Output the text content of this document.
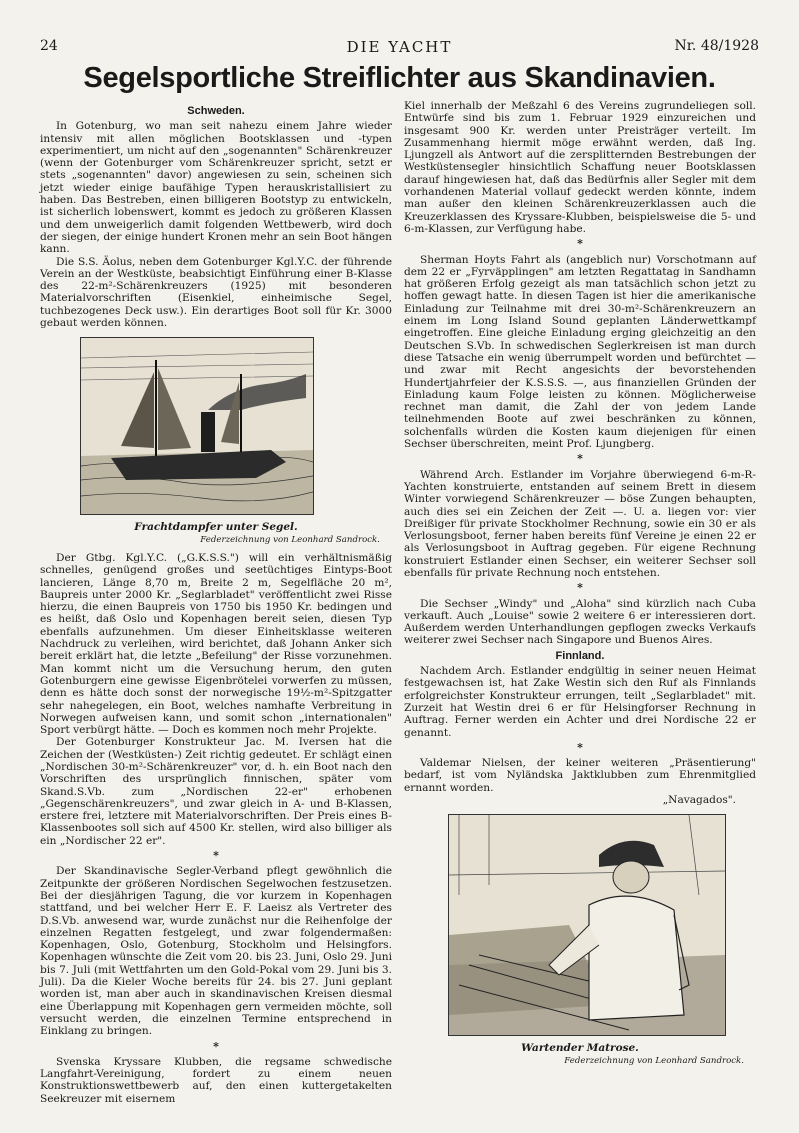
24	DIE YACHT	Nr. 48/1928
Segelsportliche Streiflichter aus Skandinavien.
Schweden.

In Gotenburg, wo man seit nahezu einem Jahre wieder intensiv mit allen möglichen Bootsklassen und -typen experimentiert, um nicht auf den „sogenannten" Schärenkreuzer (wenn der Gotenburger vom Schärenkreuzer spricht, setzt er stets „sogenannten" davor) angewiesen zu sein, scheinen sich jetzt wieder einige baufähige Typen herauskristallisiert zu haben. Das Bestreben, einen billigeren Bootstyp zu entwickeln, ist sicherlich lobenswert, kommt es jedoch zu größeren Klassen und dem unweigerlich damit folgenden Wettbewerb, wird doch der siegen, der einige hundert Kronen mehr an sein Boot hängen kann.

Die S.S. Äolus, neben dem Gotenburger Kgl.Y.C. der führende Verein an der Westküste, beabsichtigt Einführung einer B-Klasse des 22-m²-Schärenkreuzers (1925) mit besonderen Materialvorschriften (Eisenkiel, einheimische Segel, tuchbezogenes Deck usw.). Ein derartiges Boot soll für Kr. 3000 gebaut werden können.

Frachtdampfer unter Segel.
Federzeichnung von Leonhard Sandrock.

Der Gtbg. Kgl.Y.C. („G.K.S.S.") will ein verhältnismäßig schnelles, genügend großes und seetüchtiges Eintyps-Boot lancieren, Länge 8,70 m, Breite 2 m, Segelfläche 20 m², Baupreis unter 2000 Kr. „Seglarbladet" veröffentlicht zwei Risse hierzu, die einen Baupreis von 1750 bis 1950 Kr. bedingen und es heißt, daß Oslo und Kopenhagen bereit seien, diesen Typ ebenfalls aufzunehmen. Um dieser Einheitsklasse weiteren Nachdruck zu verleihen, wird berichtet, daß Johann Anker sich bereit erklärt hat, die letzte „Befeilung" der Risse vorzunehmen. Man kommt nicht um die Versuchung herum, den guten Gotenburgern eine gewisse Eigenbrötelei vorwerfen zu müssen, denn es hätte doch sonst der norwegische 19½-m²-Spitzgatter sehr nahegelegen, ein Boot, welches namhafte Verbreitung in Norwegen aufweisen kann, und somit schon „internationalen" Sport verbürgt hätte. — Doch es kommen noch mehr Projekte.

Der Gotenburger Konstrukteur Jac. M. Iversen hat die Zeichen der (Westküsten-) Zeit richtig gedeutet. Er schlägt einen „Nordischen 30-m²-Schärenkreuzer" vor, d. h. ein Boot nach den Vorschriften des ursprünglich finnischen, später vom Skand.S.Vb. zum „Nordischen 22-er" erhobenen „Gegenschärenkreuzers", und zwar gleich in A- und B-Klassen, erstere frei, letztere mit Materialvorschriften. Der Preis eines B-Klassenbootes soll sich auf 4500 Kr. stellen, wird also billiger als ein „Nordischer 22 er".

*

Der Skandinavische Segler-Verband pflegt gewöhnlich die Zeitpunkte der größeren Nordischen Segelwochen festzusetzen. Bei der diesjährigen Tagung, die vor kurzem in Kopenhagen stattfand, und bei welcher Herr E. F. Laeisz als Vertreter des D.S.Vb. anwesend war, wurde zunächst nur die Reihenfolge der einzelnen Regatten festgelegt, und zwar folgendermaßen: Kopenhagen, Oslo, Gotenburg, Stockholm und Helsingfors. Kopenhagen wünschte die Zeit vom 20. bis 23. Juni, Oslo 29. Juni bis 7. Juli (mit Wettfahrten um den Gold-Pokal vom 29. Juni bis 3. Juli). Da die Kieler Woche bereits für 24. bis 27. Juni geplant worden ist, man aber auch in skandinavischen Kreisen diesmal eine Überlappung mit Kopenhagen gern vermeiden möchte, soll versucht werden, die einzelnen Termine entsprechend in Einklang zu bringen.

*

Svenska Kryssare Klubben, die regsame schwedische Langfahrt-Vereinigung, fordert zu einem neuen Konstruktionswettbewerb auf, den einen kuttergetakelten Seekreuzer mit eisernem

Kiel innerhalb der Meßzahl 6 des Vereins zugrundeliegen soll. Entwürfe sind bis zum 1. Februar 1929 einzureichen und insgesamt 900 Kr. werden unter Preisträger verteilt. Im Zusammenhang hiermit möge erwähnt werden, daß Ing. Ljungzell als Antwort auf die zersplitternden Bestrebungen der Westküstensegler hinsichtlich Schaffung neuer Bootsklassen darauf hingewiesen hat, daß das Bedürfnis aller Segler mit dem vorhandenen Material vollauf gedeckt werden könnte, indem man außer den kleinen Schärenkreuzerklassen auch die Kreuzerklassen des Kryssare-Klubben, beispielsweise die 5- und 6-m-Klassen, zur Verfügung habe.

*

Sherman Hoyts Fahrt als (angeblich nur) Vorschotmann auf dem 22 er „Fyrväpplingen" am letzten Regattatag in Sandhamn hat größeren Erfolg gezeigt als man tatsächlich schon jetzt zu hoffen gewagt hatte. In diesen Tagen ist hier die amerikanische Einladung zur Teilnahme mit drei 30-m²-Schärenkreuzern an einem im Long Island Sound geplanten Länderwettkampf eingetroffen. Eine gleiche Einladung erging gleichzeitig an den Deutschen S.Vb. In schwedischen Seglerkreisen ist man durch diese Tatsache ein wenig überrumpelt worden und befürchtet — und zwar mit Recht angesichts der bevorstehenden Hundertjahrfeier der K.S.S.S. —, aus finanziellen Gründen der Einladung kaum Folge leisten zu können. Möglicherweise rechnet man damit, die Zahl der von jedem Lande teilnehmenden Boote auf zwei beschränken zu können, solchenfalls würden die Kosten kaum diejenigen für einen Sechser überschreiten, meint Prof. Ljungberg.

*

Während Arch. Estlander im Vorjahre überwiegend 6-m-R-Yachten konstruierte, entstanden auf seinem Brett in diesem Winter vorwiegend Schärenkreuzer — böse Zungen behaupten, auch dies sei ein Zeichen der Zeit —. U. a. liegen vor: vier Dreißiger für private Stockholmer Rechnung, sowie ein 30 er als Verlosungsboot, ferner haben bereits fünf Vereine je einen 22 er als Verlosungsboot in Auftrag gegeben. Für eigene Rechnung konstruiert Estlander einen Sechser, ein weiterer Sechser soll ebenfalls für private Rechnung noch entstehen.

*

Die Sechser „Windy" und „Aloha" sind kürzlich nach Cuba verkauft. Auch „Louise" sowie 2 weitere 6 er interessieren dort. Außerdem werden Unterhandlungen gepflogen zwecks Verkaufs weiterer zwei Sechser nach Singapore und Buenos Aires.

Finnland.

Nachdem Arch. Estlander endgültig in seiner neuen Heimat festgewachsen ist, hat Zake Westin sich den Ruf als Finnlands erfolgreichster Konstrukteur errungen, teilt „Seglarbladet" mit. Zurzeit hat Westin drei 6 er für Helsingforser Rechnung in Auftrag. Ferner werden ein Achter und drei Nordische 22 er genannt.

*

Valdemar Nielsen, der keiner weiteren „Präsentierung" bedarf, ist vom Nyländska Jaktklubben zum Ehrenmitglied ernannt worden.

„Navagados".
Wartender Matrose.
Federzeichnung von Leonhard Sandrock.
